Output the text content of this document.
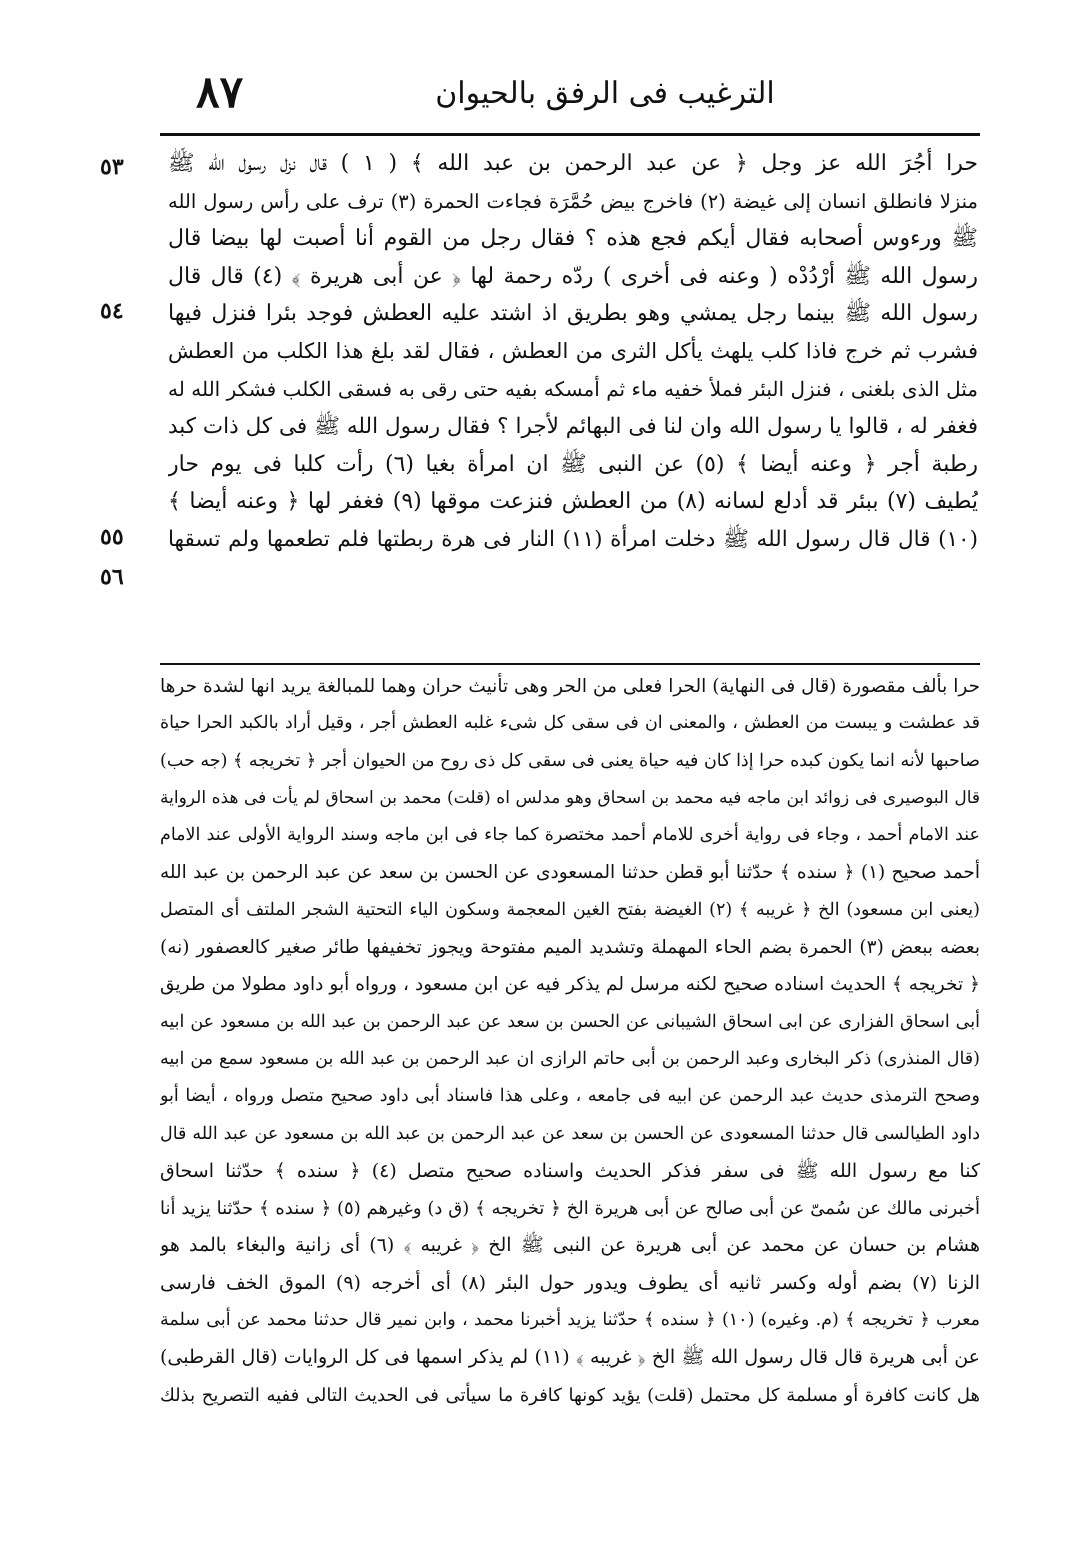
٨٧	الترغيب فى الرفق بالحيوان
٥٣
٥٤
٥٥
٥٦
حرا أجُرَ الله عز وجل ﴿ عن عبد الرحمن بن عبد الله ﴾ ( ١ ) قال نزل رسول الله ﷺ
منزلا فانطلق انسان إلى غيضة (٢) فاخرج بيض حُمَّرَة فجاءت الحمرة (٣) ترف على رأس رسول الله
ﷺ ورءوس أصحابه فقال أيكم فجع هذه ؟ فقال رجل من القوم أنا أصبت لها بيضا قال
رسول الله ﷺ أرْدُدْه ( وعنه فى أخرى ) ردّه رحمة لها ﴿ عن أبى هريرة ﴾ (٤) قال قال
رسول الله ﷺ بينما رجل يمشي وهو بطريق اذ اشتد عليه العطش فوجد بئرا فنزل فيها
فشرب ثم خرج فاذا كلب يلهث يأكل الثرى من العطش ، فقال لقد بلغ هذا الكلب من العطش
مثل الذى بلغنى ، فنزل البئر فملأ خفيه ماء ثم أمسكه بفيه حتى رقى به فسقى الكلب فشكر الله له
فغفر له ، قالوا يا رسول الله وان لنا فى البهائم لأجرا ؟ فقال رسول الله ﷺ فى كل ذات كبد
رطبة أجر ﴿ وعنه أيضا ﴾ (٥) عن النبى ﷺ ان امرأة بغيا (٦) رأت كلبا فى يوم حار
يُطيف (٧) ببئر قد أدلع لسانه (٨) من العطش فنزعت موقها (٩) فغفر لها ﴿ وعنه أيضا ﴾
(١٠) قال قال رسول الله ﷺ دخلت امرأة (١١) النار فى هرة ربطتها فلم تطعمها ولم تسقها
حرا بألف مقصورة (قال فى النهاية) الحرا فعلى من الحر وهى تأنيث حران وهما للمبالغة يريد انها لشدة حرها
قد عطشت و يبست من العطش ، والمعنى ان فى سقى كل شىء غلبه العطش أجر ، وقيل أراد بالكبد الحرا حياة
صاحبها لأنه انما يكون كبده حرا إذا كان فيه حياة يعنى فى سقى كل ذى روح من الحيوان أجر ﴿ تخريجه ﴾ (جه حب)
قال البوصيرى فى زوائد ابن ماجه فيه محمد بن اسحاق وهو مدلس اه (قلت) محمد بن اسحاق لم يأت فى هذه الرواية
عند الامام أحمد ، وجاء فى رواية أخرى للامام أحمد مختصرة كما جاء فى ابن ماجه وسند الرواية الأولى عند الامام
أحمد صحيح (١) ﴿ سنده ﴾ حدّثنا أبو قطن حدثنا المسعودى عن الحسن بن سعد عن عبد الرحمن بن عبد الله
(يعنى ابن مسعود) الخ ﴿ غريبه ﴾ (٢) الغيضة بفتح الغين المعجمة وسكون الياء التحتية الشجر الملتف أى المتصل
بعضه ببعض (٣) الحمرة بضم الحاء المهملة وتشديد الميم مفتوحة ويجوز تخفيفها طائر صغير كالعصفور (نه)
﴿ تخريجه ﴾ الحديث اسناده صحيح لكنه مرسل لم يذكر فيه عن ابن مسعود ، ورواه أبو داود مطولا من طريق
أبى اسحاق الفزارى عن ابى اسحاق الشيبانى عن الحسن بن سعد عن عبد الرحمن بن عبد الله بن مسعود عن ابيه
(قال المنذرى) ذكر البخارى وعبد الرحمن بن أبى حاتم الرازى ان عبد الرحمن بن عبد الله بن مسعود سمع من ابيه
وصحح الترمذى حديث عبد الرحمن عن ابيه فى جامعه ، وعلى هذا فاسناد أبى داود صحيح متصل ورواه ، أيضا أبو
داود الطيالسى قال حدثنا المسعودى عن الحسن بن سعد عن عبد الرحمن بن عبد الله بن مسعود عن عبد الله قال
كنا مع رسول الله ﷺ فى سفر فذكر الحديث واسناده صحيح متصل (٤) ﴿ سنده ﴾ حدّثنا اسحاق
أخبرنى مالك عن سُمىّ عن أبى صالح عن أبى هريرة الخ ﴿ تخريجه ﴾ (ق د) وغيرهم (٥) ﴿ سنده ﴾ حدّثنا يزيد أنا
هشام بن حسان عن محمد عن أبى هريرة عن النبى ﷺ الخ ﴿ غريبه ﴾ (٦) أى زانية والبغاء بالمد هو
الزنا (٧) بضم أوله وكسر ثانيه أى يطوف ويدور حول البئر (٨) أى أخرجه (٩) الموق الخف فارسى
معرب ﴿ تخريجه ﴾ (م. وغيره) (١٠) ﴿ سنده ﴾ حدّثنا يزيد أخبرنا محمد ، وابن نمير قال حدثنا محمد عن أبى سلمة
عن أبى هريرة قال قال رسول الله ﷺ الخ ﴿ غريبه ﴾ (١١) لم يذكر اسمها فى كل الروايات (قال القرطبى)
هل كانت كافرة أو مسلمة كل محتمل (قلت) يؤيد كونها كافرة ما سيأتى فى الحديث التالى ففيه التصريح بذلك
